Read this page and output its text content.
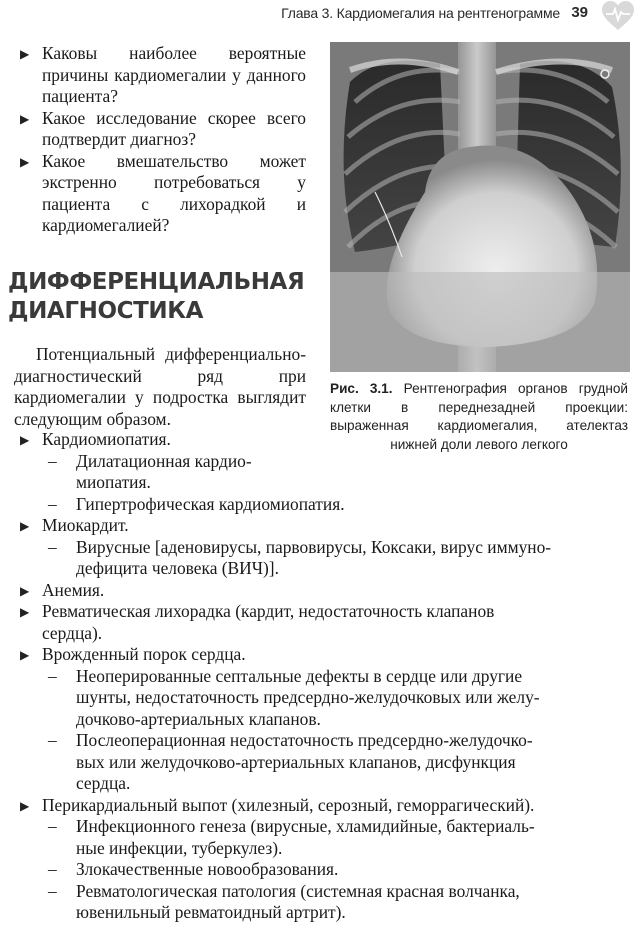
Глава 3. Кардиомегалия на рентгенограмме 39
▶ Каковы наиболее вероятные причины кардиомегалии у данного пациента?
▶ Какое исследование скорее всего подтвердит диагноз?
▶ Какое вмешательство может экстренно потребоваться у пациента с лихорадкой и кардиомегалией?
ДИФФЕРЕНЦИАЛЬНАЯ
ДИАГНОСТИКА
Потенциальный дифференциально-диагностический ряд при кардиомегалии у подростка выглядит следующим образом.
Рис. 3.1. Рентгенография органов грудной клетки в переднезадней проекции: выраженная кардиомегалия, ателектаз нижней доли левого легкого
▶ Кардиомиопатия.
– Дилатационная кардио-
миопатия.
– Гипертрофическая кардиомиопатия.
▶ Миокардит.
– Вирусные [аденовирусы, парвовирусы, Коксаки, вирус иммуно-
дефицита человека (ВИЧ)].
▶ Анемия.
▶ Ревматическая лихорадка (кардит, недостаточность клапанов
сердца).
▶ Врожденный порок сердца.
– Неоперированные септальные дефекты в сердце или другие
шунты, недостаточность предсердно-желудочковых или желу-
дочково-артериальных клапанов.
– Послеоперационная недостаточность предсердно-желудочко-
вых или желудочково-артериальных клапанов, дисфункция
сердца.
▶ Перикардиальный выпот (хилезный, серозный, геморрагический).
– Инфекционного генеза (вирусные, хламидийные, бактериаль-
ные инфекции, туберкулез).
– Злокачественные новообразования.
– Ревматологическая патология (системная красная волчанка,
ювенильный ревматоидный артрит).
